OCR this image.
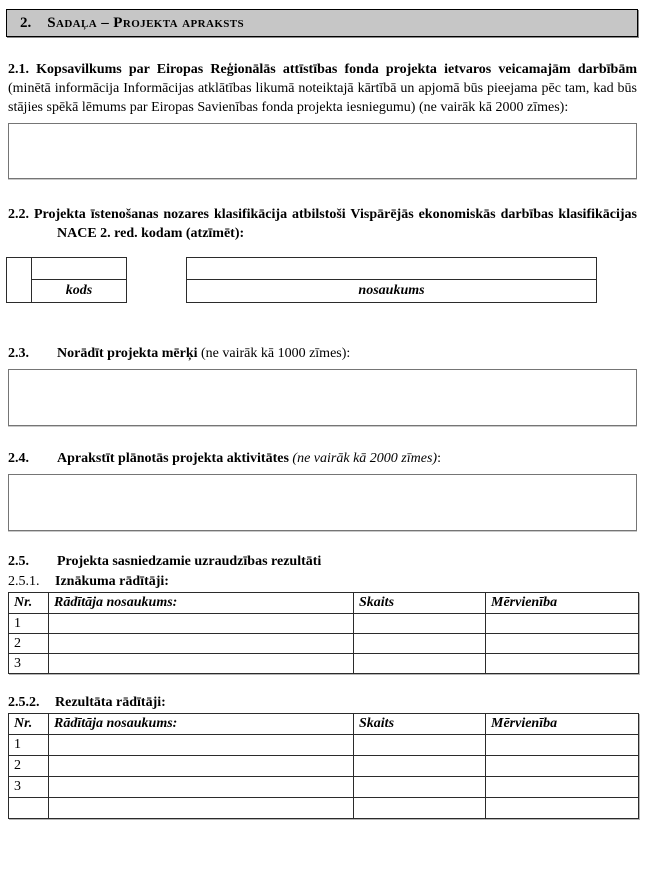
2. Sadaļa – Projekta apraksts
2.1. Kopsavilkums par Eiropas Reģionālās attīstības fonda projekta ietvaros veicamajām darbībām (minētā informācija Informācijas atklātības likumā noteiktajā kārtībā un apjomā būs pieejama pēc tam, kad būs stājies spēkā lēmums par Eiropas Savienības fonda projekta iesniegumu) (ne vairāk kā 2000 zīmes):
2.2. Projekta īstenošanas nozares klasifikācija atbilstoši Vispārējās ekonomiskās darbības klasifikācijas NACE 2. red. kodam (atzīmēt):
kods	nosaukums
2.3. Norādīt projekta mērķi (ne vairāk kā 1000 zīmes):
2.4. Aprakstīt plānotās projekta aktivitātes (ne vairāk kā 2000 zīmes):
2.5. Projekta sasniedzamie uzraudzības rezultāti
2.5.1. Iznākuma rādītāji:
Nr.	Rādītāja nosaukums:	Skaits	Mērvienība
1			
2			
3			
2.5.2. Rezultāta rādītāji:
Nr.	Rādītāja nosaukums:	Skaits	Mērvienība
1			
2			
3			
